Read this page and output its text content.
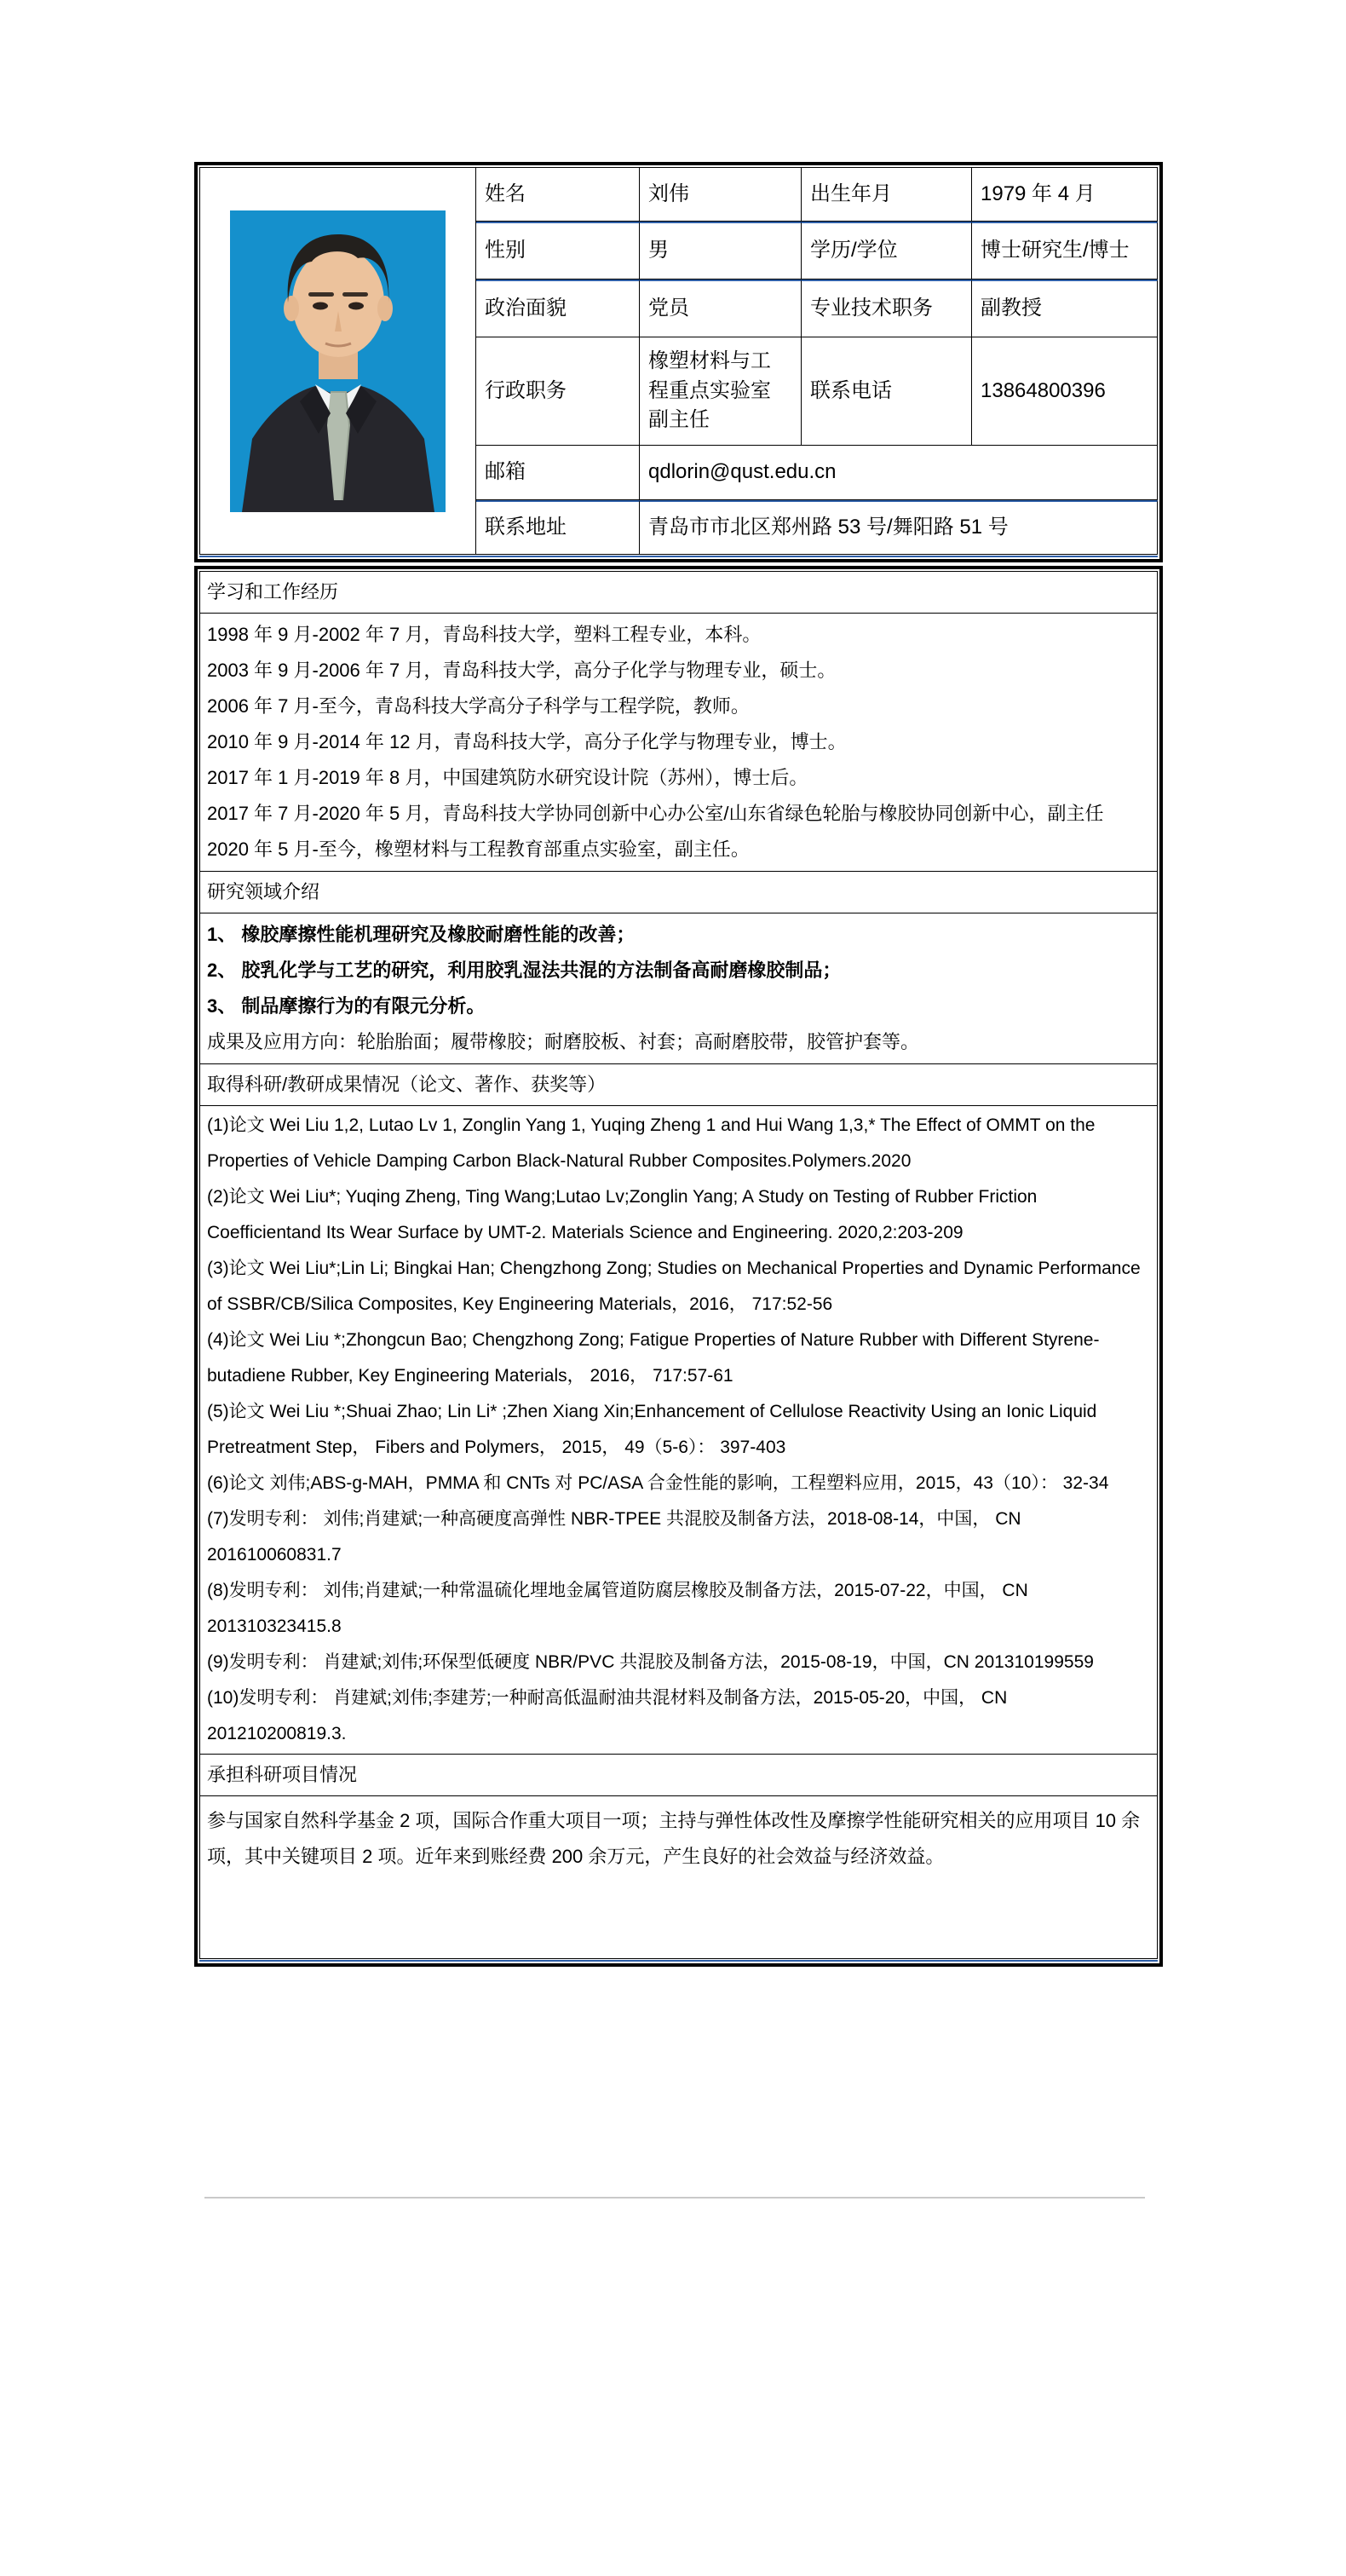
	姓名	刘伟	出生年月	1979 年 4 月
	性别	男	学历/学位	博士研究生/博士
	政治面貌	党员	专业技术职务	副教授
	行政职务	橡塑材料与工程重点实验室副主任	联系电话	13864800396
	邮箱	qdlorin@qust.edu.cn		
	联系地址	青岛市市北区郑州路 53 号/舞阳路 51 号		
学习和工作经历
1998 年 9 月-2002 年 7 月，青岛科技大学，塑料工程专业，本科。
2003 年 9 月-2006 年 7 月，青岛科技大学，高分子化学与物理专业，硕士。
2006 年 7 月-至今，青岛科技大学高分子科学与工程学院，教师。
2010 年 9 月-2014 年 12 月，青岛科技大学，高分子化学与物理专业，博士。
2017 年 1 月-2019 年 8 月，中国建筑防水研究设计院（苏州），博士后。
2017 年 7 月-2020 年 5 月，青岛科技大学协同创新中心办公室/山东省绿色轮胎与橡胶协同创新中心，副主任
2020 年 5 月-至今，橡塑材料与工程教育部重点实验室，副主任。
研究领域介绍
1、 橡胶摩擦性能机理研究及橡胶耐磨性能的改善；
2、 胶乳化学与工艺的研究，利用胶乳湿法共混的方法制备高耐磨橡胶制品；
3、 制品摩擦行为的有限元分析。
成果及应用方向：轮胎胎面；履带橡胶；耐磨胶板、衬套；高耐磨胶带，胶管护套等。
取得科研/教研成果情况（论文、著作、获奖等）

(1)论文 Wei Liu 1,2, Lutao Lv 1, Zonglin Yang 1, Yuqing Zheng 1 and Hui Wang 1,3,* The Effect of OMMT on the Properties of Vehicle Damping Carbon Black-Natural Rubber Composites.Polymers.2020

(2)论文 Wei Liu*; Yuqing Zheng, Ting Wang;Lutao Lv;Zonglin Yang; A Study on Testing of Rubber Friction Coefficientand Its Wear Surface by UMT-2. Materials Science and Engineering. 2020,2:203-209

(3)论文 Wei Liu*;Lin Li; Bingkai Han; Chengzhong Zong; Studies on Mechanical Properties and Dynamic Performance of SSBR/CB/Silica Composites, Key Engineering Materials，2016， 717:52-56

(4)论文 Wei Liu *;Zhongcun Bao; Chengzhong Zong; Fatigue Properties of Nature Rubber with Different Styrene-butadiene Rubber, Key Engineering Materials， 2016， 717:57-61

(5)论文 Wei Liu *;Shuai Zhao; Lin Li* ;Zhen Xiang Xin;Enhancement of Cellulose Reactivity Using an Ionic Liquid Pretreatment Step， Fibers and Polymers， 2015， 49（5-6）： 397-403

(6)论文 刘伟;ABS-g-MAH，PMMA 和 CNTs 对 PC/ASA 合金性能的影响，工程塑料应用，2015，43（10）： 32-34

(7)发明专利： 刘伟;肖建斌;一种高硬度高弹性 NBR-TPEE 共混胶及制备方法，2018-08-14，中国， CN 201610060831.7

(8)发明专利： 刘伟;肖建斌;一种常温硫化埋地金属管道防腐层橡胶及制备方法，2015-07-22，中国， CN 201310323415.8

(9)发明专利： 肖建斌;刘伟;环保型低硬度 NBR/PVC 共混胶及制备方法，2015-08-19，中国，CN 201310199559

(10)发明专利： 肖建斌;刘伟;李建芳;一种耐高低温耐油共混材料及制备方法，2015-05-20，中国， CN 201210200819.3.

承担科研项目情况
参与国家自然科学基金 2 项，国际合作重大项目一项；主持与弹性体改性及摩擦学性能研究相关的应用项目 10 余项，其中关键项目 2 项。近年来到账经费 200 余万元，产生良好的社会效益与经济效益。
